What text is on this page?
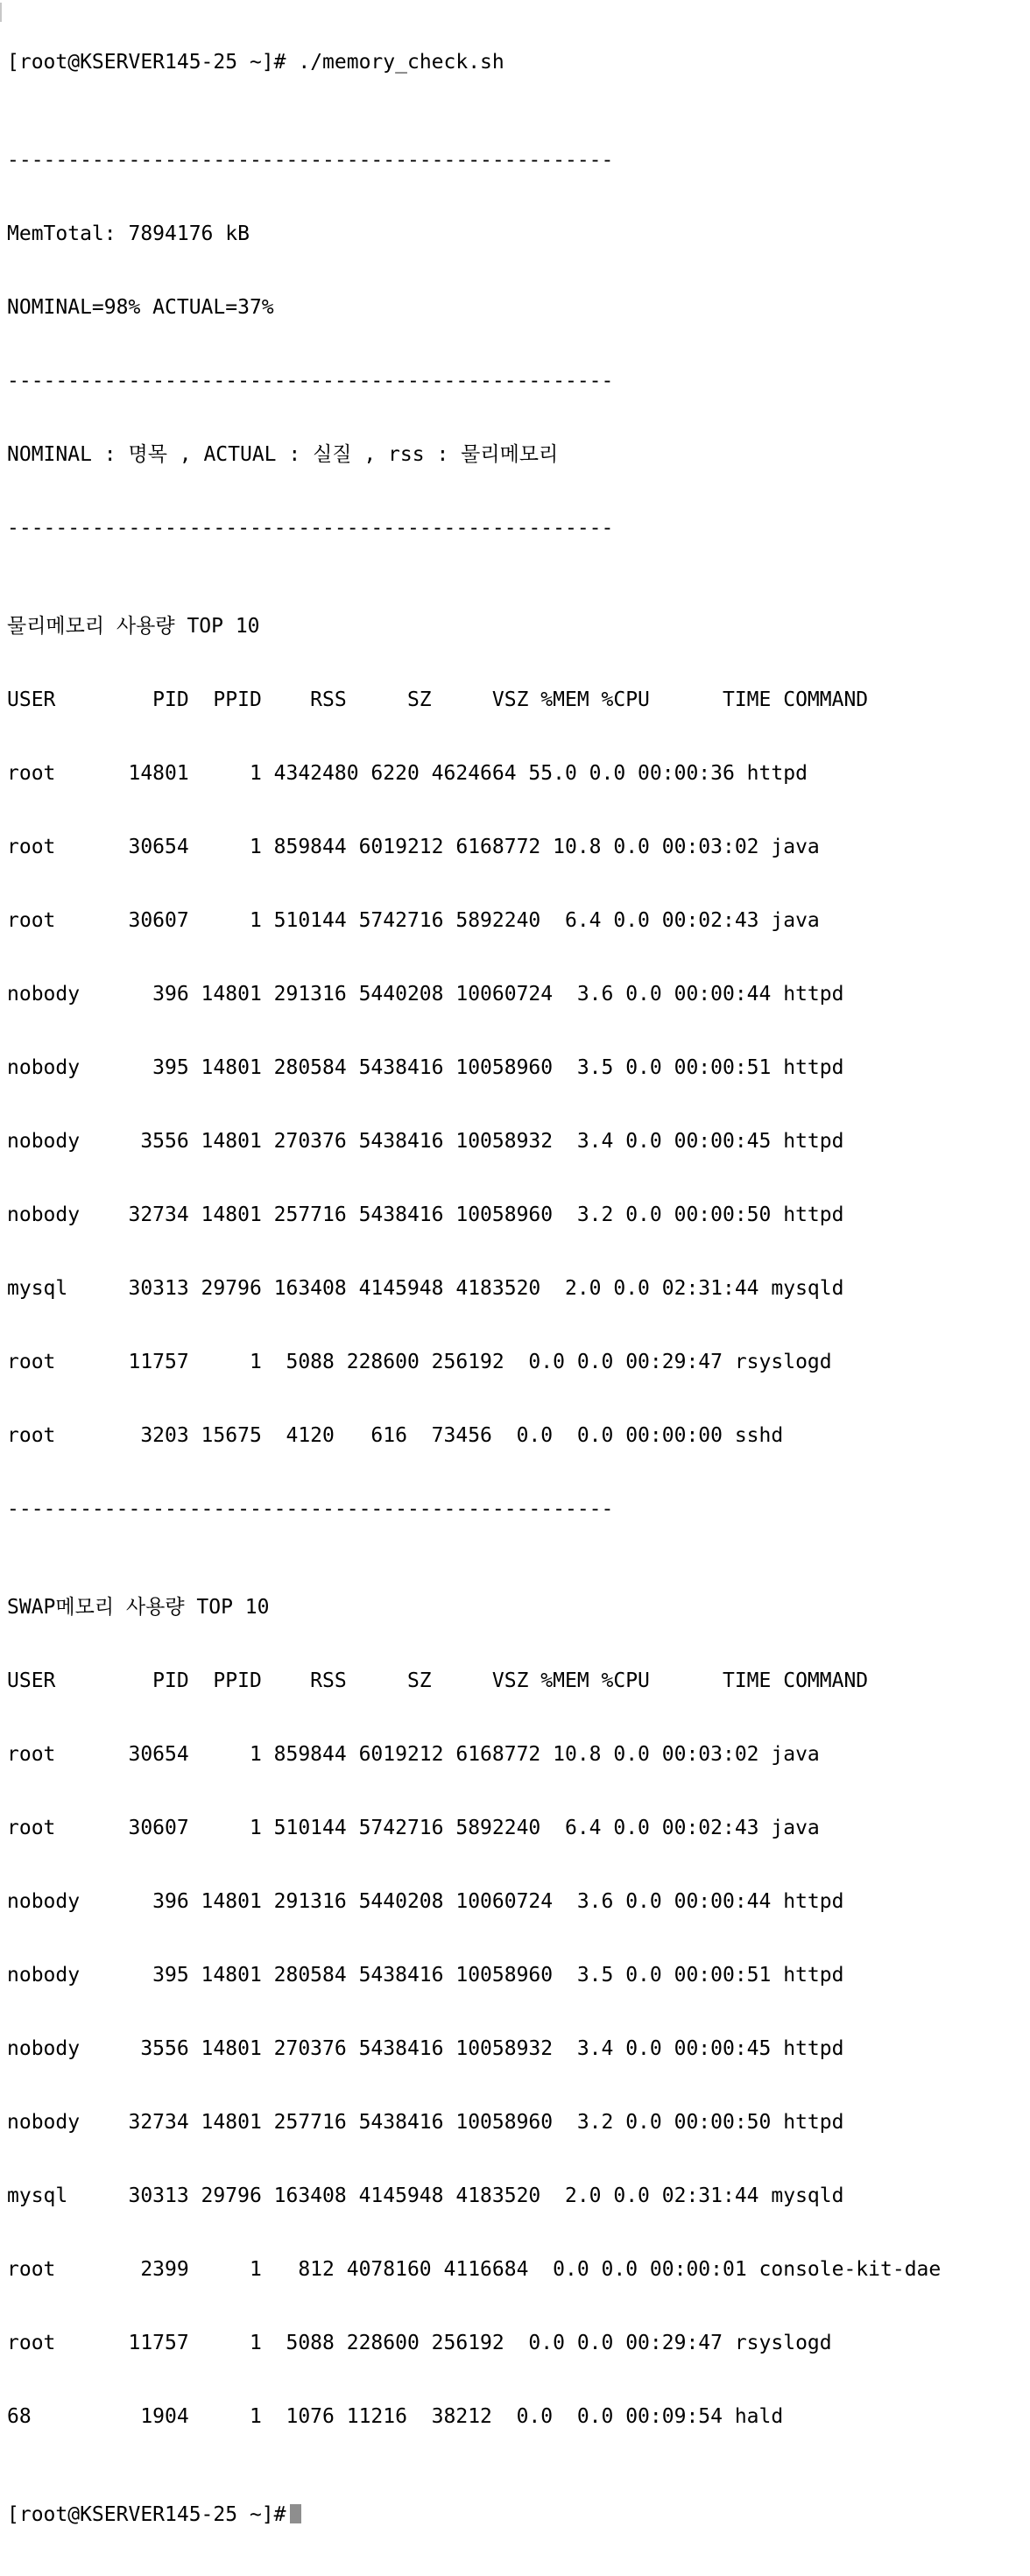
[root@KSERVER145-25 ~]# ./memory_check.sh

--------------------------------------------------

MemTotal: 7894176 kB

NOMINAL=98% ACTUAL=37%

--------------------------------------------------

NOMINAL : 명목 , ACTUAL : 실질 , rss : 물리메모리

--------------------------------------------------

물리메모리 사용량 TOP 10

USER        PID  PPID    RSS     SZ     VSZ %MEM %CPU      TIME COMMAND

root      14801     1 4342480 6220 4624664 55.0 0.0 00:00:36 httpd

root      30654     1 859844 6019212 6168772 10.8 0.0 00:03:02 java

root      30607     1 510144 5742716 5892240  6.4 0.0 00:02:43 java

nobody      396 14801 291316 5440208 10060724  3.6 0.0 00:00:44 httpd

nobody      395 14801 280584 5438416 10058960  3.5 0.0 00:00:51 httpd

nobody     3556 14801 270376 5438416 10058932  3.4 0.0 00:00:45 httpd

nobody    32734 14801 257716 5438416 10058960  3.2 0.0 00:00:50 httpd

mysql     30313 29796 163408 4145948 4183520  2.0 0.0 02:31:44 mysqld

root      11757     1  5088 228600 256192  0.0 0.0 00:29:47 rsyslogd

root       3203 15675  4120   616  73456  0.0  0.0 00:00:00 sshd

--------------------------------------------------

SWAP메모리 사용량 TOP 10

USER        PID  PPID    RSS     SZ     VSZ %MEM %CPU      TIME COMMAND

root      30654     1 859844 6019212 6168772 10.8 0.0 00:03:02 java

root      30607     1 510144 5742716 5892240  6.4 0.0 00:02:43 java

nobody      396 14801 291316 5440208 10060724  3.6 0.0 00:00:44 httpd

nobody      395 14801 280584 5438416 10058960  3.5 0.0 00:00:51 httpd

nobody     3556 14801 270376 5438416 10058932  3.4 0.0 00:00:45 httpd

nobody    32734 14801 257716 5438416 10058960  3.2 0.0 00:00:50 httpd

mysql     30313 29796 163408 4145948 4183520  2.0 0.0 02:31:44 mysqld

root       2399     1   812 4078160 4116684  0.0 0.0 00:00:01 console-kit-dae

root      11757     1  5088 228600 256192  0.0 0.0 00:29:47 rsyslogd

68         1904     1  1076 11216  38212  0.0  0.0 00:09:54 hald

[root@KSERVER145-25 ~]#
